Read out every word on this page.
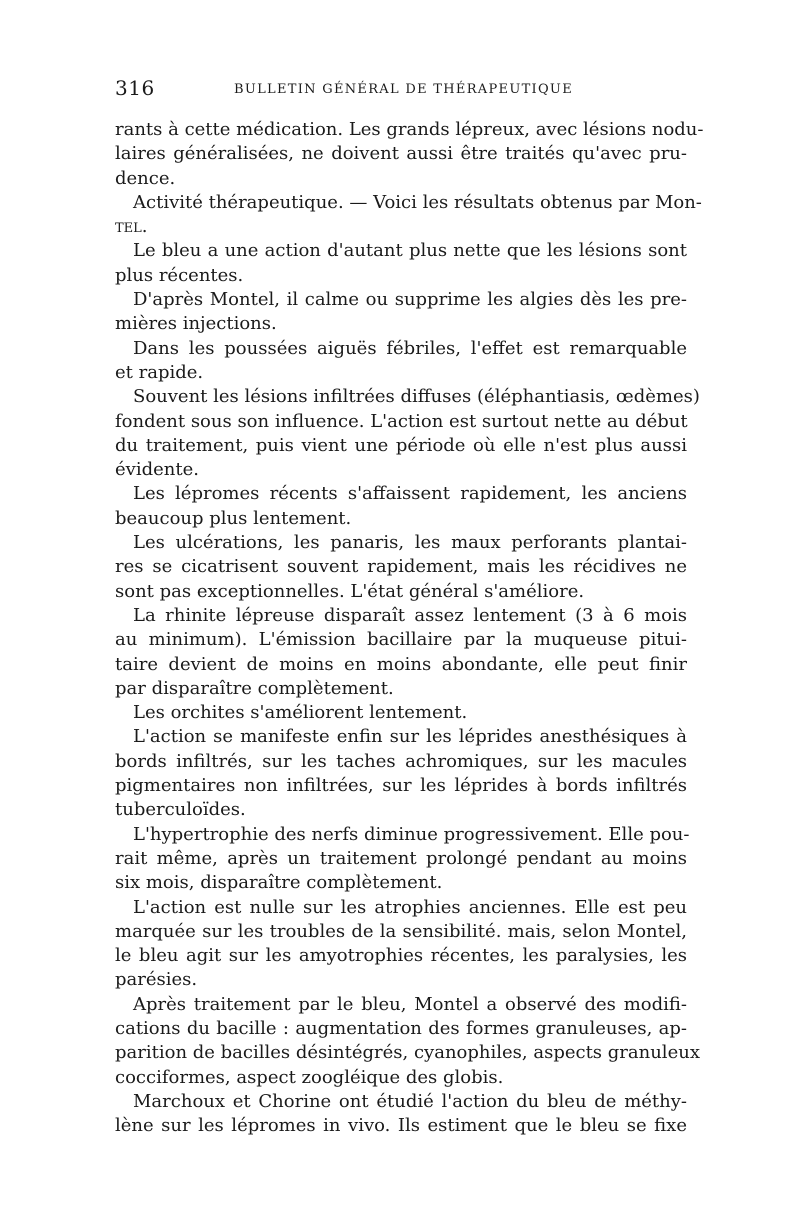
316	BULLETIN GÉNÉRAL DE THÉRAPEUTIQUE
rants à cette médication. Les grands lépreux, avec lésions nodu-
laires généralisées, ne doivent aussi être traités qu'avec pru-
dence.
Activité thérapeutique. — Voici les résultats obtenus par Mon-
tel.
Le bleu a une action d'autant plus nette que les lésions sont
plus récentes.
D'après Montel, il calme ou supprime les algies dès les pre-
mières injections.
Dans les poussées aiguës fébriles, l'effet est remarquable
et rapide.
Souvent les lésions infiltrées diffuses (éléphantiasis, œdèmes)
fondent sous son influence. L'action est surtout nette au début
du traitement, puis vient une période où elle n'est plus aussi
évidente.
Les lépromes récents s'affaissent rapidement, les anciens
beaucoup plus lentement.
Les ulcérations, les panaris, les maux perforants plantai-
res se cicatrisent souvent rapidement, mais les récidives ne
sont pas exceptionnelles. L'état général s'améliore.
La rhinite lépreuse disparaît assez lentement (3 à 6 mois
au minimum). L'émission bacillaire par la muqueuse pitui-
taire devient de moins en moins abondante, elle peut finir
par disparaître complètement.
Les orchites s'améliorent lentement.
L'action se manifeste enfin sur les léprides anesthésiques à
bords infiltrés, sur les taches achromiques, sur les macules
pigmentaires non infiltrées, sur les léprides à bords infiltrés
tuberculoïdes.
L'hypertrophie des nerfs diminue progressivement. Elle pou-
rait même, après un traitement prolongé pendant au moins
six mois, disparaître complètement.
L'action est nulle sur les atrophies anciennes. Elle est peu
marquée sur les troubles de la sensibilité. mais, selon Montel,
le bleu agit sur les amyotrophies récentes, les paralysies, les
parésies.
Après traitement par le bleu, Montel a observé des modifi-
cations du bacille : augmentation des formes granuleuses, ap-
parition de bacilles désintégrés, cyanophiles, aspects granuleux
cocciformes, aspect zoogléique des globis.
Marchoux et Chorine ont étudié l'action du bleu de méthy-
lène sur les lépromes in vivo. Ils estiment que le bleu se fixe
